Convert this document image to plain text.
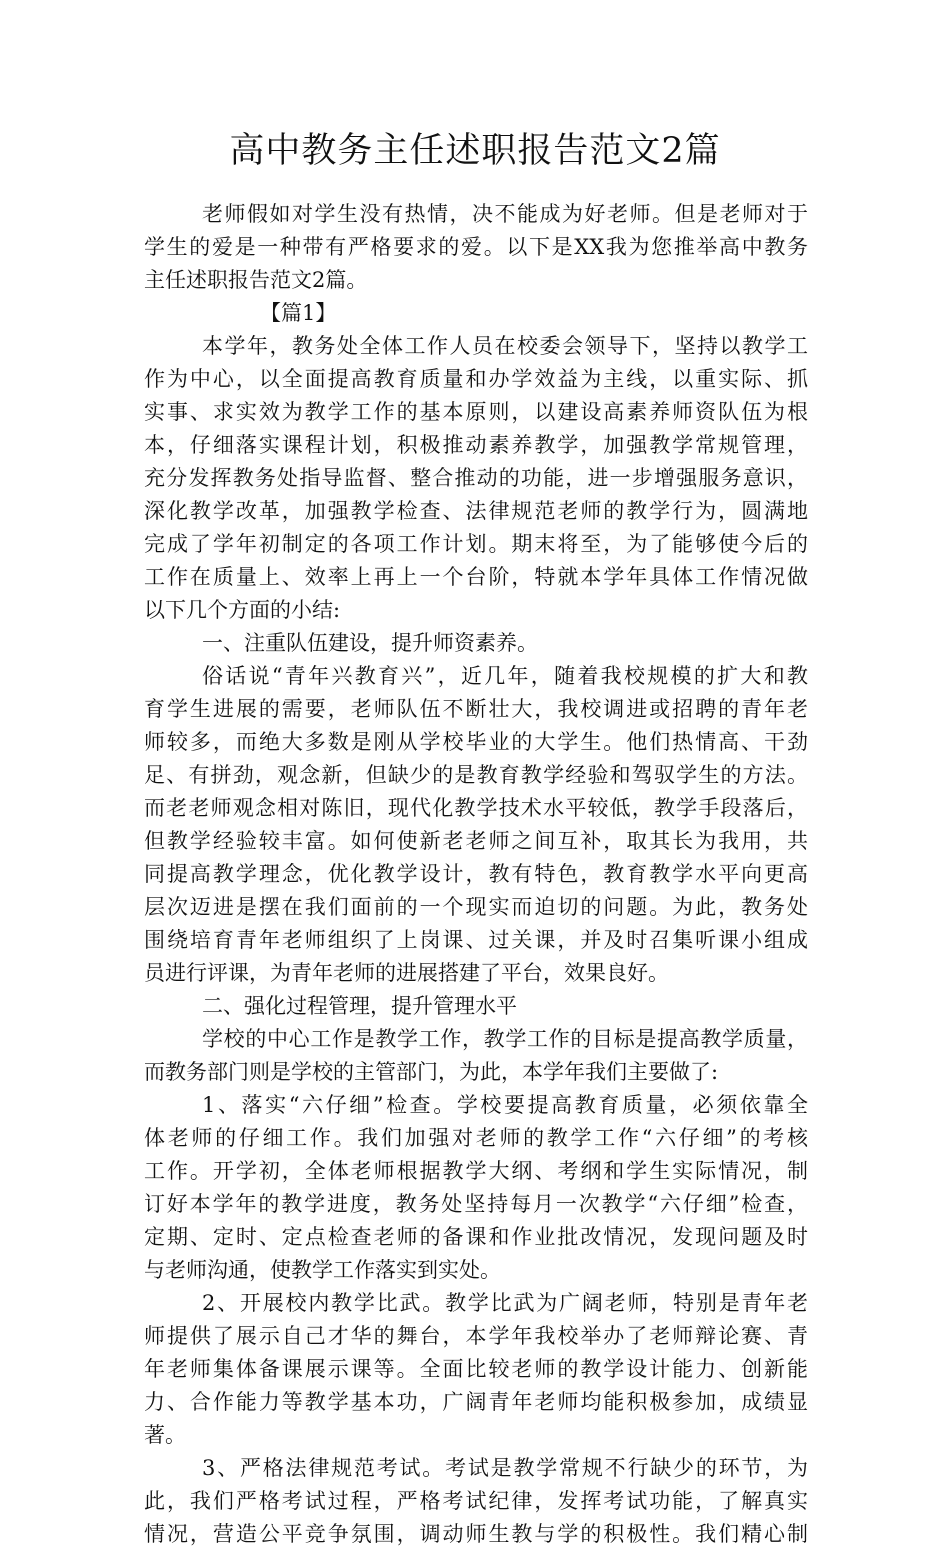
高中教务主任述职报告范文2篇
老师假如对学生没有热情，决不能成为好老师。但是老师对于
学生的爱是一种带有严格要求的爱。以下是XX我为您推举高中教务
主任述职报告范文2篇。
【篇1】
本学年，教务处全体工作人员在校委会领导下，坚持以教学工
作为中心，以全面提高教育质量和办学效益为主线，以重实际、抓
实事、求实效为教学工作的基本原则，以建设高素养师资队伍为根
本，仔细落实课程计划，积极推动素养教学，加强教学常规管理，
充分发挥教务处指导监督、整合推动的功能，进一步增强服务意识，
深化教学改革，加强教学检查、法律规范老师的教学行为，圆满地
完成了学年初制定的各项工作计划。期末将至，为了能够使今后的
工作在质量上、效率上再上一个台阶，特就本学年具体工作情况做
以下几个方面的小结:
一、注重队伍建设，提升师资素养。
俗话说“青年兴教育兴”，近几年，随着我校规模的扩大和教
育学生进展的需要，老师队伍不断壮大，我校调进或招聘的青年老
师较多，而绝大多数是刚从学校毕业的大学生。他们热情高、干劲
足、有拼劲，观念新，但缺少的是教育教学经验和驾驭学生的方法。
而老老师观念相对陈旧，现代化教学技术水平较低，教学手段落后，
但教学经验较丰富。如何使新老老师之间互补，取其长为我用，共
同提高教学理念，优化教学设计，教有特色，教育教学水平向更高
层次迈进是摆在我们面前的一个现实而迫切的问题。为此，教务处
围绕培育青年老师组织了上岗课、过关课，并及时召集听课小组成
员进行评课，为青年老师的进展搭建了平台，效果良好。
二、强化过程管理，提升管理水平
学校的中心工作是教学工作，教学工作的目标是提高教学质量，
而教务部门则是学校的主管部门，为此，本学年我们主要做了:
1、落实“六仔细”检查。学校要提高教育质量，必须依靠全
体老师的仔细工作。我们加强对老师的教学工作“六仔细”的考核
工作。开学初，全体老师根据教学大纲、考纲和学生实际情况，制
订好本学年的教学进度，教务处坚持每月一次教学“六仔细”检查，
定期、定时、定点检查老师的备课和作业批改情况，发现问题及时
与老师沟通，使教学工作落实到实处。
2、开展校内教学比武。教学比武为广阔老师，特别是青年老
师提供了展示自己才华的舞台，本学年我校举办了老师辩论赛、青
年老师集体备课展示课等。全面比较老师的教学设计能力、创新能
力、合作能力等教学基本功，广阔青年老师均能积极参加，成绩显
著。
3、严格法律规范考试。考试是教学常规不行缺少的环节，为
此，我们严格考试过程，严格考试纪律，发挥考试功能，了解真实
情况，营造公平竞争氛围，调动师生教与学的积极性。我们精心制
